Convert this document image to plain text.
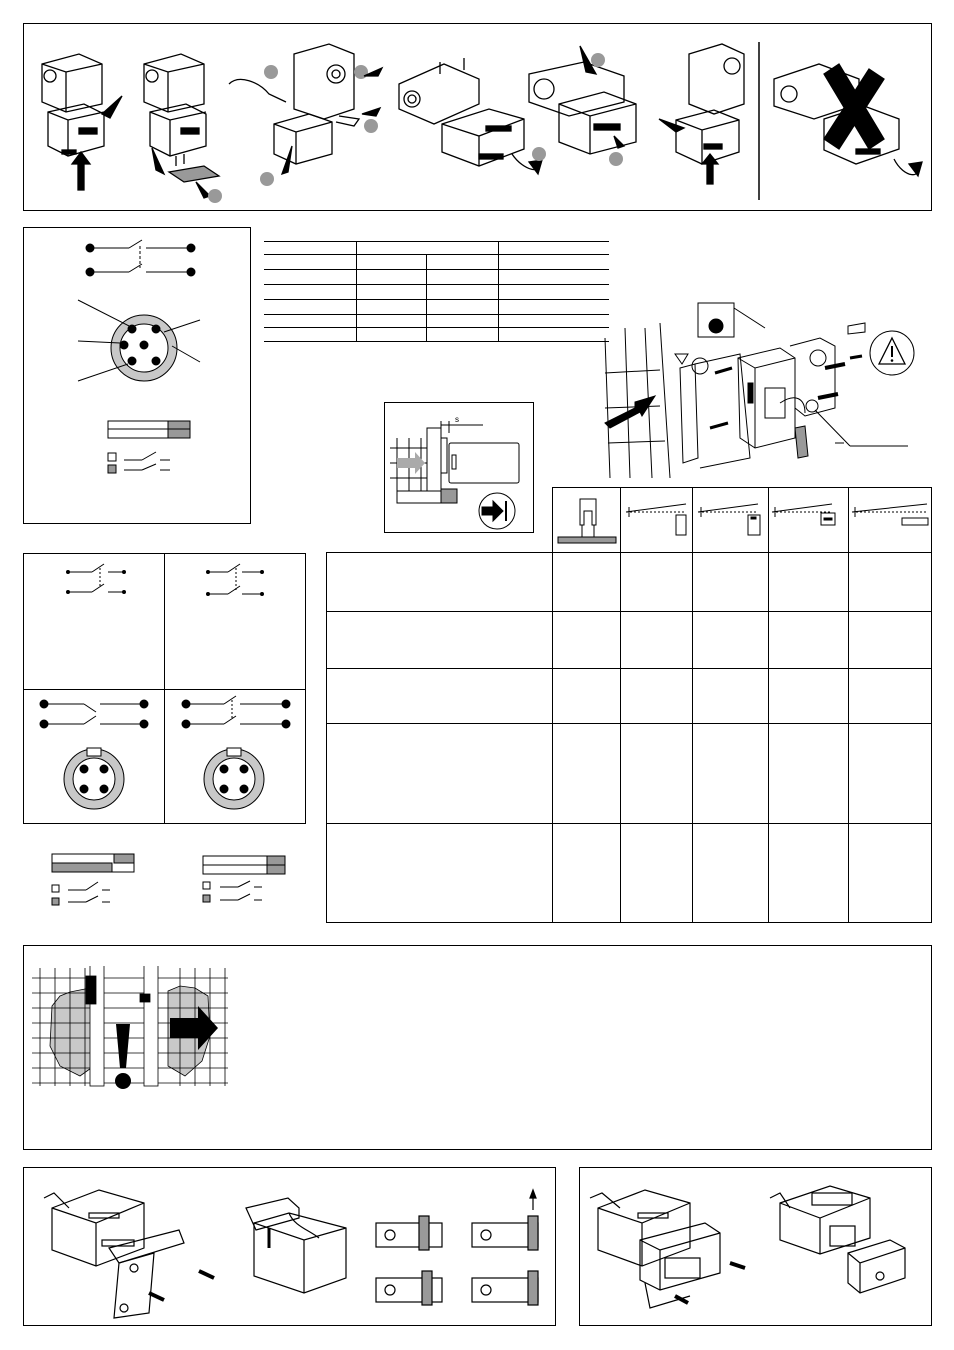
s
